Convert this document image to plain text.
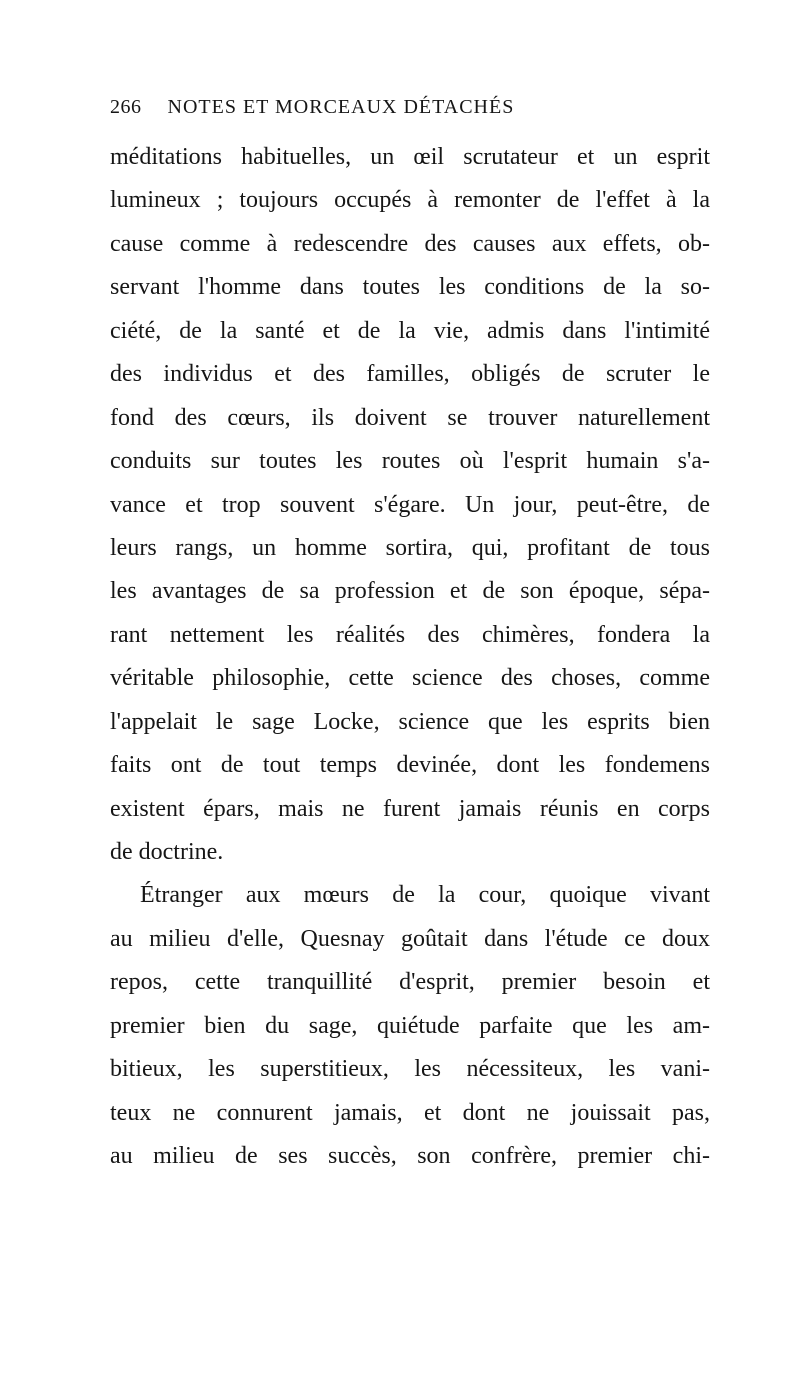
266 NOTES ET MORCEAUX DÉTACHÉS
méditations habituelles, un œil scrutateur et un esprit
lumineux ; toujours occupés à remonter de l'effet à la
cause comme à redescendre des causes aux effets, ob-
servant l'homme dans toutes les conditions de la so-
ciété, de la santé et de la vie, admis dans l'intimité
des individus et des familles, obligés de scruter le
fond des cœurs, ils doivent se trouver naturellement
conduits sur toutes les routes où l'esprit humain s'a-
vance et trop souvent s'égare. Un jour, peut-être, de
leurs rangs, un homme sortira, qui, profitant de tous
les avantages de sa profession et de son époque, sépa-
rant nettement les réalités des chimères, fondera la
véritable philosophie, cette science des choses, comme
l'appelait le sage Locke, science que les esprits bien
faits ont de tout temps devinée, dont les fondemens
existent épars, mais ne furent jamais réunis en corps
de doctrine.
Étranger aux mœurs de la cour, quoique vivant
au milieu d'elle, Quesnay goûtait dans l'étude ce doux
repos, cette tranquillité d'esprit, premier besoin et
premier bien du sage, quiétude parfaite que les am-
bitieux, les superstitieux, les nécessiteux, les vani-
teux ne connurent jamais, et dont ne jouissait pas,
au milieu de ses succès, son confrère, premier chi-
